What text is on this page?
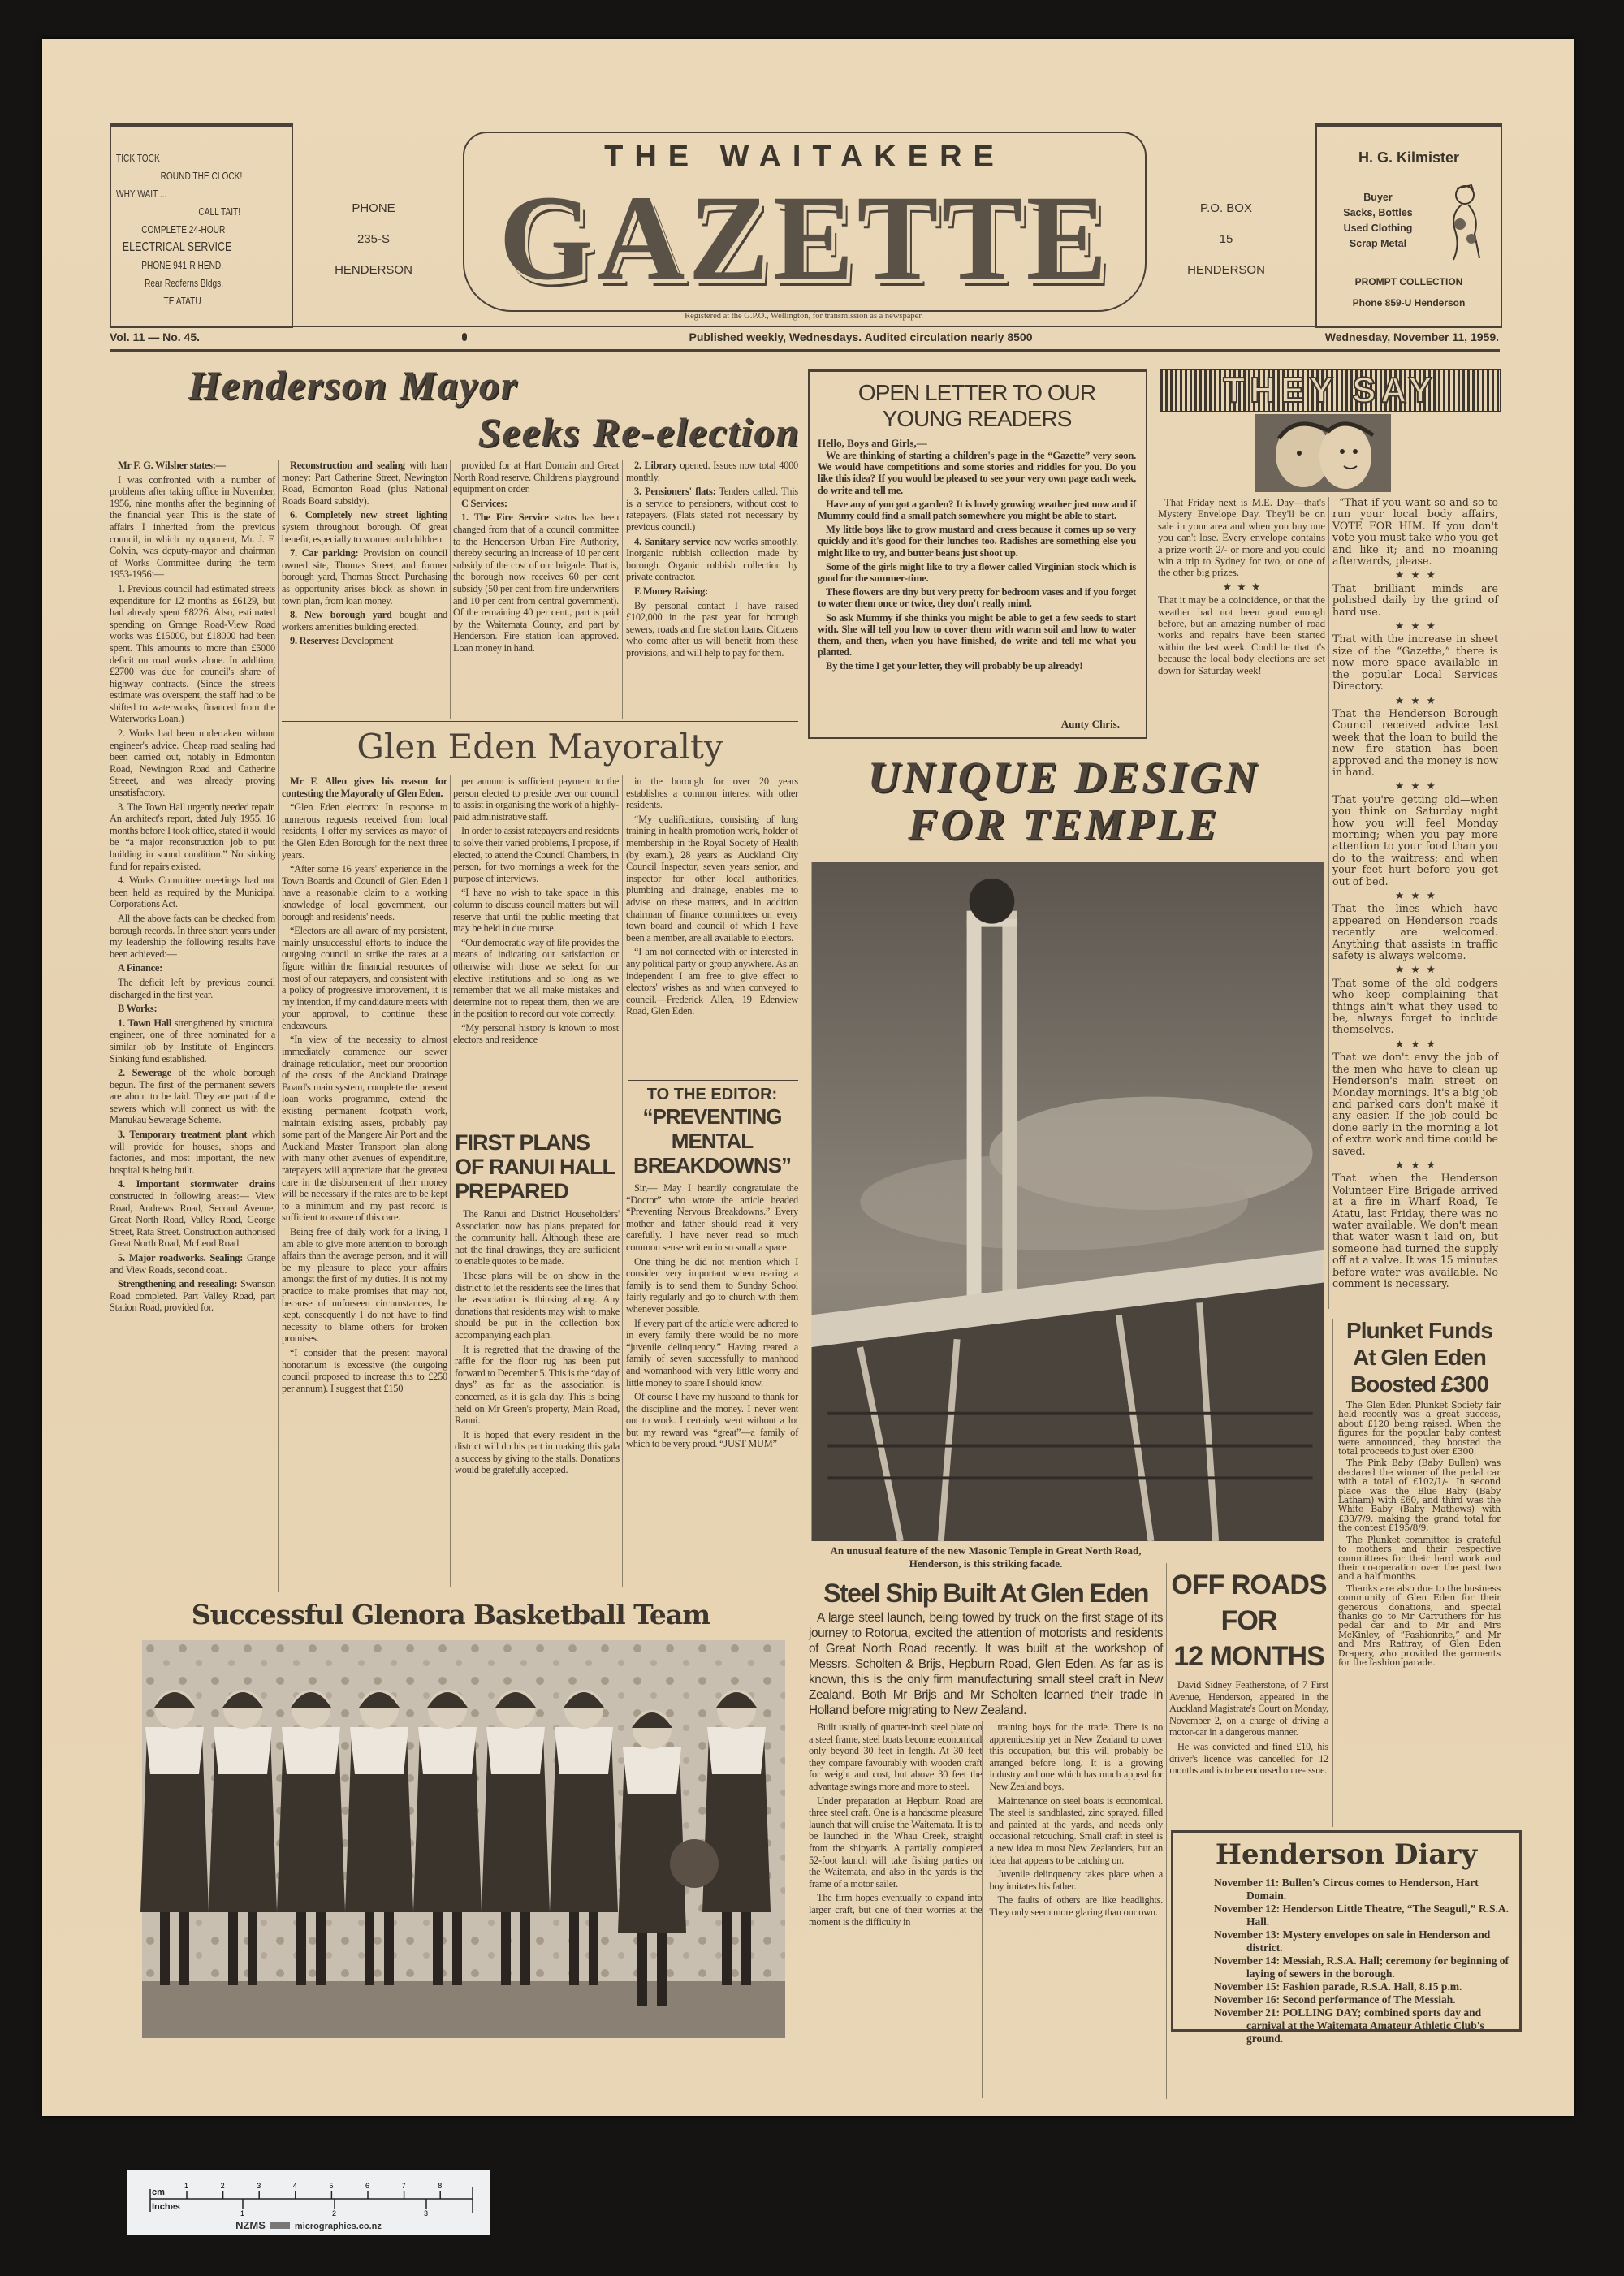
TICK TOCK
ROUND THE CLOCK!
WHY WAIT ...
CALL TAIT!
COMPLETE 24-HOUR
ELECTRICAL SERVICE
PHONE 941-R HEND.
Rear Redferns Bldgs.
TE ATATU
PHONE
235-S
HENDERSON
THE WAITAKERE
GAZETTE
Registered at the G.P.O., Wellington, for transmission as a newspaper.
P.O. BOX
15
HENDERSON
H. G. Kilmister
Buyer
Sacks, Bottles
Used Clothing
Scrap Metal
PROMPT COLLECTION
Phone 859-U Henderson
Vol. 11 — No. 45.	Published weekly, Wednesdays. Audited circulation nearly 8500	Wednesday, November 11, 1959.
Henderson Mayor
Seeks Re-election

Mr F. G. Wilsher states:—

I was confronted with a number of problems after taking office in November, 1956, nine months after the beginning of the financial year. This is the state of affairs I inherited from the previous council, in which my opponent, Mr. J. F. Colvin, was deputy-mayor and chairman of Works Committee during the term 1953-1956:—

1. Previous council had estimated streets expenditure for 12 months as £6129, but had already spent £8226. Also, estimated spending on Grange Road-View Road works was £15000, but £18000 had been spent. This amounts to more than £5000 deficit on road works alone. In addition, £2700 was due for council's share of highway contracts. (Since the streets estimate was overspent, the staff had to be shifted to waterworks, financed from the Waterworks Loan.)

2. Works had been undertaken without engineer's advice. Cheap road sealing had been carried out, notably in Edmonton Road, Newington Road and Catherine Streeet, and was already proving unsatisfactory.

3. The Town Hall urgently needed repair. An architect's report, dated July 1955, 16 months before I took office, stated it would be “a major reconstruction job to put building in sound condition.” No sinking fund for repairs existed.

4. Works Committee meetings had not been held as required by the Municipal Corporations Act.

All the above facts can be checked from borough records. In three short years under my leadership the following results have been achieved:—

A Finance:

The deficit left by previous council discharged in the first year.

B Works:

1. Town Hall strengthened by structural engineer, one of three nominated for a similar job by Institute of Engineers. Sinking fund established.

2. Sewerage of the whole borough begun. The first of the permanent sewers are about to be laid. They are part of the sewers which will connect us with the Manukau Sewerage Scheme.

3. Temporary treatment plant which will provide for houses, shops and factories, and most important, the new hospital is being built.

4. Important stormwater drains constructed in following areas:— View Road, Andrews Road, Second Avenue, Great North Road, Valley Road, George Street, Rata Street. Construction authorised Great North Road, McLeod Road.

5. Major roadworks. Sealing: Grange and View Roads, second coat..

Strengthening and resealing: Swanson Road completed. Part Valley Road, part Station Road, provided for.

Reconstruction and sealing with loan money: Part Catherine Street, Newington Road, Edmonton Road (plus National Roads Board subsidy).

6. Completely new street lighting system throughout borough. Of great benefit, especially to women and children.

7. Car parking: Provision on council owned site, Thomas Street, and former borough yard, Thomas Street. Purchasing as opportunity arises block as shown in town plan, from loan money.

8. New borough yard bought and workers amenities building erected.

9. Reserves: Development

provided for at Hart Domain and Great North Road reserve. Children's playground equipment on order.

C Services:

1. The Fire Service status has been changed from that of a council committee to the Henderson Urban Fire Authority, thereby securing an increase of 10 per cent subsidy of the cost of our brigade. That is, the borough now receives 60 per cent subsidy (50 per cent from fire underwriters and 10 per cent from central government). Of the remaining 40 per cent., part is paid by the Waitemata County, and part by Henderson. Fire station loan approved. Loan money in hand.

2. Library opened. Issues now total 4000 monthly.

3. Pensioners' flats: Tenders called. This is a service to pensioners, without cost to ratepayers. (Flats stated not necessary by previous council.)

4. Sanitary service now works smoothly. Inorganic rubbish collection made by borough. Organic rubbish collection by private contractor.

E Money Raising:

By personal contact I have raised £102,000 in the past year for borough sewers, roads and fire station loans. Citizens who come after us will benefit from these provisions, and will help to pay for them.

Glen Eden Mayoralty

Mr F. Allen gives his reason for contesting the Mayoralty of Glen Eden.

“Glen Eden electors: In response to numerous requests received from local residents, I offer my services as mayor of the Glen Eden Borough for the next three years.

“After some 16 years' experience in the Town Boards and Council of Glen Eden I have a reasonable claim to a working knowledge of local government, our borough and residents' needs.

“Electors are all aware of my persistent, mainly unsuccessful efforts to induce the outgoing council to strike the rates at a figure within the financial resources of most of our ratepayers, and consistent with a policy of progressive improvement, it is my intention, if my candidature meets with your approval, to continue these endeavours.

“In view of the necessity to almost immediately commence our sewer drainage reticulation, meet our proportion of the costs of the Auckland Drainage Board's main system, complete the present loan works programme, extend the existing permanent footpath work, maintain existing assets, probably pay some part of the Mangere Air Port and the Auckland Master Transport plan along with many other avenues of expenditure, ratepayers will appreciate that the greatest care in the disbursement of their money will be necessary if the rates are to be kept to a minimum and my past record is sufficient to assure of this care.

Being free of daily work for a living, I am able to give more attention to borough affairs than the average person, and it will be my pleasure to place your affairs amongst the first of my duties. It is not my practice to make promises that may not, because of unforseen circumstances, be kept, consequently I do not have to find necessity to blame others for broken promises.

“I consider that the present mayoral honorarium is excessive (the outgoing council proposed to increase this to £250 per annum). I suggest that £150

per annum is sufficient payment to the person elected to preside over our council to assist in organising the work of a highly-paid administrative staff.

In order to assist ratepayers and residents to solve their varied problems, I propose, if elected, to attend the Council Chambers, in person, for two mornings a week for the purpose of interviews.

“I have no wish to take space in this column to discuss council matters but will reserve that until the public meeting that may be held in due course.

“Our democratic way of life provides the means of indicating our satisfaction or otherwise with those we select for our elective institutions and so long as we remember that we all make mistakes and determine not to repeat them, then we are in the position to record our vote correctly.

“My personal history is known to most electors and residence

in the borough for over 20 years establishes a common interest with other residents.

“My qualifications, consisting of long training in health promotion work, holder of membership in the Royal Society of Health (by exam.), 28 years as Auckland City Council Inspector, seven years senior, and inspector for other local authorities, plumbing and drainage, enables me to advise on these matters, and in addition chairman of finance committees on every town board and council of which I have been a member, are all available to electors.

“I am not connected with or interested in any political party or group anywhere. As an independent I am free to give effect to electors' wishes as and when conveyed to council.—Frederick Allen, 19 Edenview Road, Glen Eden.

FIRST PLANS OF RANUI HALL PREPARED

The Ranui and District Householders' Association now has plans prepared for the community hall. Although these are not the final drawings, they are sufficient to enable quotes to be made.

These plans will be on show in the district to let the residents see the lines that the association is thinking along. Any donations that residents may wish to make should be put in the collection box accompanying each plan.

It is regretted that the drawing of the raffle for the floor rug has been put forward to December 5. This is the “day of days” as far as the association is concerned, as it is gala day. This is being held on Mr Green's property, Main Road, Ranui.

It is hoped that every resident in the district will do his part in making this gala a success by giving to the stalls. Donations would be gratefully accepted.

TO THE EDITOR:
“PREVENTING MENTAL BREAKDOWNS”

Sir,— May I heartily congratulate the “Doctor” who wrote the article headed “Preventing Nervous Breakdowns.” Every mother and father should read it very carefully. I have never read so much common sense written in so small a space.

One thing he did not mention which I consider very important when rearing a family is to send them to Sunday School fairly regularly and go to church with them whenever possible.

If every part of the article were adhered to in every family there would be no more “juvenile delinquency.” Having reared a family of seven successfully to manhood and womanhood with very little worry and little money to spare I should know.

Of course I have my husband to thank for the discipline and the money. I never went out to work. I certainly went without a lot but my reward was “great”—a family of which to be very proud. “JUST MUM”

OPEN LETTER TO OUR YOUNG READERS
Hello, Boys and Girls,—

We are thinking of starting a children's page in the “Gazette” very soon. We would have competitions and some stories and riddles for you. Do you like this idea? If you would be pleased to see your very own page each week, do write and tell me.

Have any of you got a garden? It is lovely growing weather just now and if Mummy could find a small patch somewhere you might be able to start.

My little boys like to grow mustard and cress because it comes up so very quickly and it's good for their lunches too. Radishes are something else you might like to try, and butter beans just shoot up.

Some of the girls might like to try a flower called Virginian stock which is good for the summer-time.

These flowers are tiny but very pretty for bedroom vases and if you forget to water them once or twice, they don't really mind.

So ask Mummy if she thinks you might be able to get a few seeds to start with. She will tell you how to cover them with warm soil and how to water them, and then, when you have finished, do write and tell me what you planted.

By the time I get your letter, they will probably be up already!

Aunty Chris.
THEY SAY

That Friday next is M.E. Day—that's Mystery Envelope Day. They'll be on sale in your area and when you buy one you can't lose. Every envelope contains a prize worth 2/- or more and you could win a trip to Sydney for two, or one of the other big prizes.

★ ★ ★ That it may be a coincidence, or that the weather had not been good enough before, but an amazing number of road works and repairs have been started within the last week. Could be that it's because the local body elections are set down for Saturday week!

“That if you want so and so to run your local body affairs, VOTE FOR HIM. If you don't vote you must take who you get and like it; and no moaning afterwards, please.

★ ★ ★ That brilliant minds are polished daily by the grind of hard use.

★ ★ ★ That with the increase in sheet size of the “Gazette,” there is now more space available in the popular Local Services Directory.

★ ★ ★ That the Henderson Borough Council received advice last week that the loan to build the new fire station has been approved and the money is now in hand.

★ ★ ★ That you're getting old—when you think on Saturday night how you will feel Monday morning; when you pay more attention to your food than you do to the waitress; and when your feet hurt before you get out of bed.

★ ★ ★ That the lines which have appeared on Henderson roads recently are welcomed. Anything that assists in traffic safety is always welcome.

★ ★ ★ That some of the old codgers who keep complaining that things ain't what they used to be, always forget to include themselves.

★ ★ ★ That we don't envy the job of the men who have to clean up Henderson's main street on Monday mornings. It's a big job and parked cars don't make it any easier. If the job could be done early in the morning a lot of extra work and time could be saved.

★ ★ ★ That when the Henderson Volunteer Fire Brigade arrived at a fire in Wharf Road, Te Atatu, last Friday, there was no water available. We don't mean that water wasn't laid on, but someone had turned the supply off at a valve. It was 15 minutes before water was available. No comment is necessary.

UNIQUE DESIGN
FOR TEMPLE
An unusual feature of the new Masonic Temple in Great North Road, Henderson, is this striking facade.
Steel Ship Built At Glen Eden
A large steel launch, being towed by truck on the first stage of its journey to Rotorua, excited the attention of motorists and residents of Great North Road recently. It was built at the workshop of Messrs. Scholten & Brijs, Hepburn Road, Glen Eden. As far as is known, this is the only firm manufacturing small steel craft in New Zealand. Both Mr Brijs and Mr Scholten learned their trade in Holland before migrating to New Zealand.

Built usually of quarter-inch steel plate on a steel frame, steel boats become economical only beyond 30 feet in length. At 30 feet they compare favourably with wooden craft for weight and cost, but above 30 feet the advantage swings more and more to steel.

Under preparation at Hepburn Road are three steel craft. One is a handsome pleasure launch that will cruise the Waitemata. It is to be launched in the Whau Creek, straight from the shipyards. A partially completed 52-foot launch will take fishing parties on the Waitemata, and also in the yards is the frame of a motor sailer.

The firm hopes eventually to expand into larger craft, but one of their worries at the moment is the difficulty in

training boys for the trade. There is no apprenticeship yet in New Zealand to cover this occupation, but this will probably be arranged before long. It is a growing industry and one which has much appeal for New Zealand boys.

Maintenance on steel boats is economical. The steel is sandblasted, zinc sprayed, filled and painted at the yards, and needs only occasional retouching. Small craft in steel is a new idea to most New Zealanders, but an idea that appears to be catching on.

Juvenile delinquency takes place when a boy imitates his father.

The faults of others are like headlights. They only seem more glaring than our own.

OFF ROADS
FOR
12 MONTHS

David Sidney Featherstone, of 7 First Avenue, Henderson, appeared in the Auckland Magistrate's Court on Monday, November 2, on a charge of driving a motor-car in a dangerous manner.

He was convicted and fined £10, his driver's licence was cancelled for 12 months and is to be endorsed on re-issue.

Plunket Funds At Glen Eden Boosted £300

The Glen Eden Plunket Society fair held recently was a great success, about £120 being raised. When the figures for the popular baby contest were announced, they boosted the total proceeds to just over £300.

The Pink Baby (Baby Bullen) was declared the winner of the pedal car with a total of £102/1/-. In second place was the Blue Baby (Baby Latham) with £60, and third was the White Baby (Baby Mathews) with £33/7/9, making the grand total for the contest £195/8/9.

The Plunket committee is grateful to mothers and their respective committees for their hard work and their co-operation over the past two and a half months.

Thanks are also due to the business community of Glen Eden for their generous donations, and special thanks go to Mr Carruthers for his pedal car and to Mr and Mrs McKinley, of “Fashionrite,” and Mr and Mrs Rattray, of Glen Eden Drapery, who provided the garments for the fashion parade.

Henderson Diary

November 11: Bullen's Circus comes to Henderson, Hart Domain.

November 12: Henderson Little Theatre, “The Seagull,” R.S.A. Hall.

November 13: Mystery envelopes on sale in Henderson and district.

November 14: Messiah, R.S.A. Hall; ceremony for beginning of laying of sewers in the borough.

November 15: Fashion parade, R.S.A. Hall, 8.15 p.m.

November 16: Second performance of The Messiah.

November 21: POLLING DAY; combined sports day and carnival at the Waitemata Amateur Athletic Club's ground.

Successful Glenora Basketball Team
1	2	3	4	5	6	7	8
1	2	3
cm
Inches
NZMS	micrographics.co.nz
